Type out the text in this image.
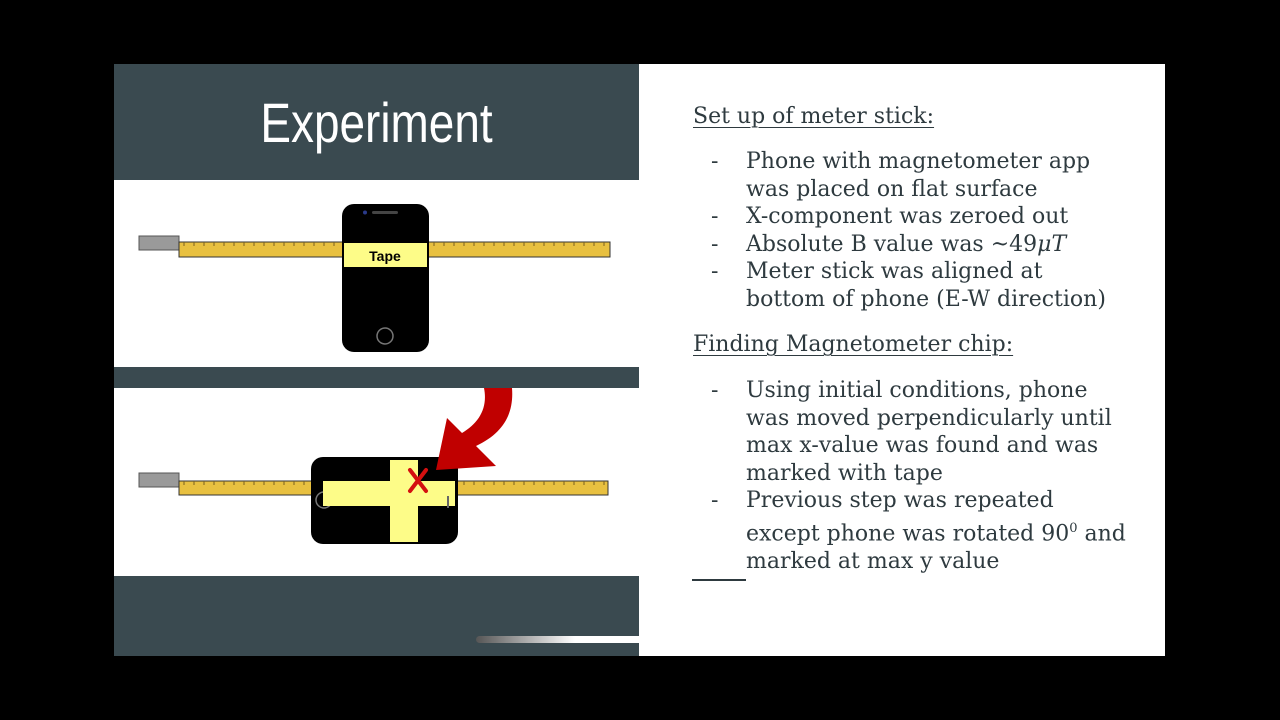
Experiment
Tape
Set up of meter stick:
- Phone with magnetometer app was placed on flat surface
- X-component was zeroed out
- Absolute B value was ~49μT
- Meter stick was aligned at bottom of phone (E-W direction)
Finding Magnetometer chip:
- Using initial conditions, phone was moved perpendicularly until max x-value was found and was marked with tape
- Previous step was repeated except phone was rotated $90^0$ and marked at max y value
